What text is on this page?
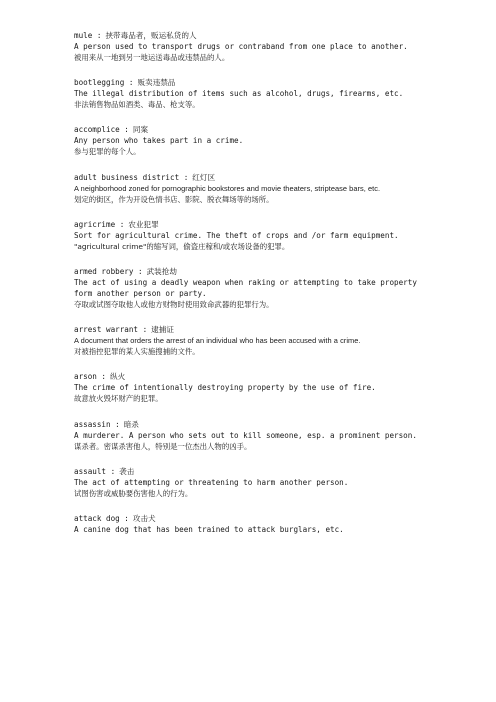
mule : 挟带毒品者，贩运私货的人
A person used to transport drugs or contraband from one place to another.
被用来从一地到另一地运送毒品或违禁品的人。
bootlegging : 贩卖违禁品
The illegal distribution of items such as alcohol, drugs, firearms, etc.
非法销售物品如酒类、毒品、枪支等。
accomplice : 同案
Any person who takes part in a crime.
参与犯罪的每个人。
adult business district : 红灯区
A neighborhood zoned for pornographic bookstores and movie theaters, striptease bars, etc.
划定的街区，作为开设色情书店、影院、脱衣舞场等的场所。
agricrime : 农业犯罪
Sort for agricultural crime. The theft of crops and /or farm equipment.
"agricultural crime"的缩写词，偷盗庄稼和/或农场设备的犯罪。
armed robbery : 武装抢劫
The act of using a deadly weapon when raking or attempting to take property form another person or party.
夺取或试图夺取他人或他方财物时使用致命武器的犯罪行为。
arrest warrant : 逮捕证
A document that orders the arrest of an individual who has been accused with a crime.
对被指控犯罪的某人实施搜捕的文件。
arson : 纵火
The crime of intentionally destroying property by the use of fire.
故意放火毁坏财产的犯罪。
assassin : 暗杀
A murderer. A person who sets out to kill someone, esp. a prominent person.
谋杀者。密谋杀害他人，特别是一位杰出人物的凶手。
assault : 袭击
The act of attempting or threatening to harm another person.
试图伤害或威胁要伤害他人的行为。
attack dog : 攻击犬
A canine dog that has been trained to attack burglars, etc.
